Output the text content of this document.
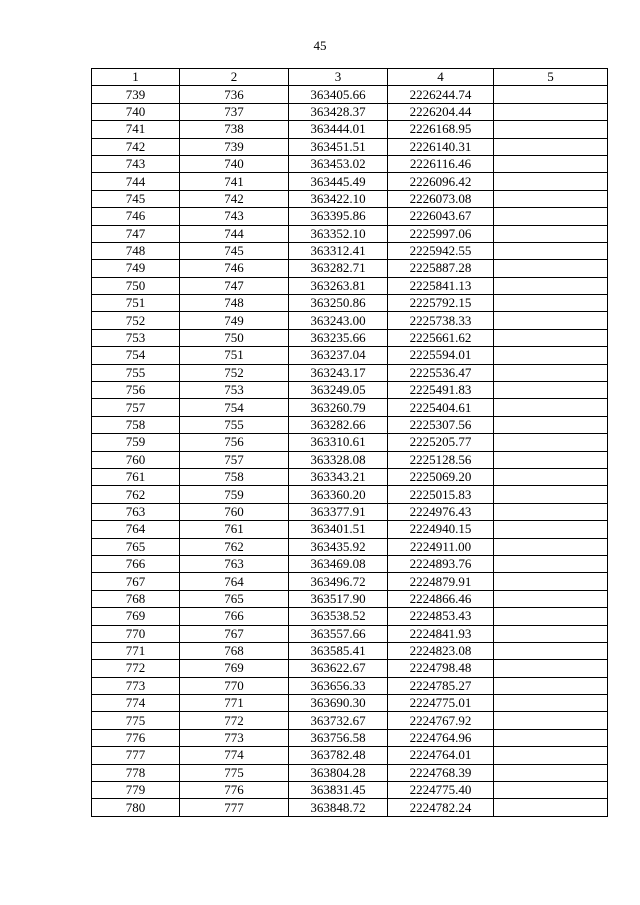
45
1	2	3	4	5
739	736	363405.66	2226244.74	
740	737	363428.37	2226204.44	
741	738	363444.01	2226168.95	
742	739	363451.51	2226140.31	
743	740	363453.02	2226116.46	
744	741	363445.49	2226096.42	
745	742	363422.10	2226073.08	
746	743	363395.86	2226043.67	
747	744	363352.10	2225997.06	
748	745	363312.41	2225942.55	
749	746	363282.71	2225887.28	
750	747	363263.81	2225841.13	
751	748	363250.86	2225792.15	
752	749	363243.00	2225738.33	
753	750	363235.66	2225661.62	
754	751	363237.04	2225594.01	
755	752	363243.17	2225536.47	
756	753	363249.05	2225491.83	
757	754	363260.79	2225404.61	
758	755	363282.66	2225307.56	
759	756	363310.61	2225205.77	
760	757	363328.08	2225128.56	
761	758	363343.21	2225069.20	
762	759	363360.20	2225015.83	
763	760	363377.91	2224976.43	
764	761	363401.51	2224940.15	
765	762	363435.92	2224911.00	
766	763	363469.08	2224893.76	
767	764	363496.72	2224879.91	
768	765	363517.90	2224866.46	
769	766	363538.52	2224853.43	
770	767	363557.66	2224841.93	
771	768	363585.41	2224823.08	
772	769	363622.67	2224798.48	
773	770	363656.33	2224785.27	
774	771	363690.30	2224775.01	
775	772	363732.67	2224767.92	
776	773	363756.58	2224764.96	
777	774	363782.48	2224764.01	
778	775	363804.28	2224768.39	
779	776	363831.45	2224775.40	
780	777	363848.72	2224782.24	
